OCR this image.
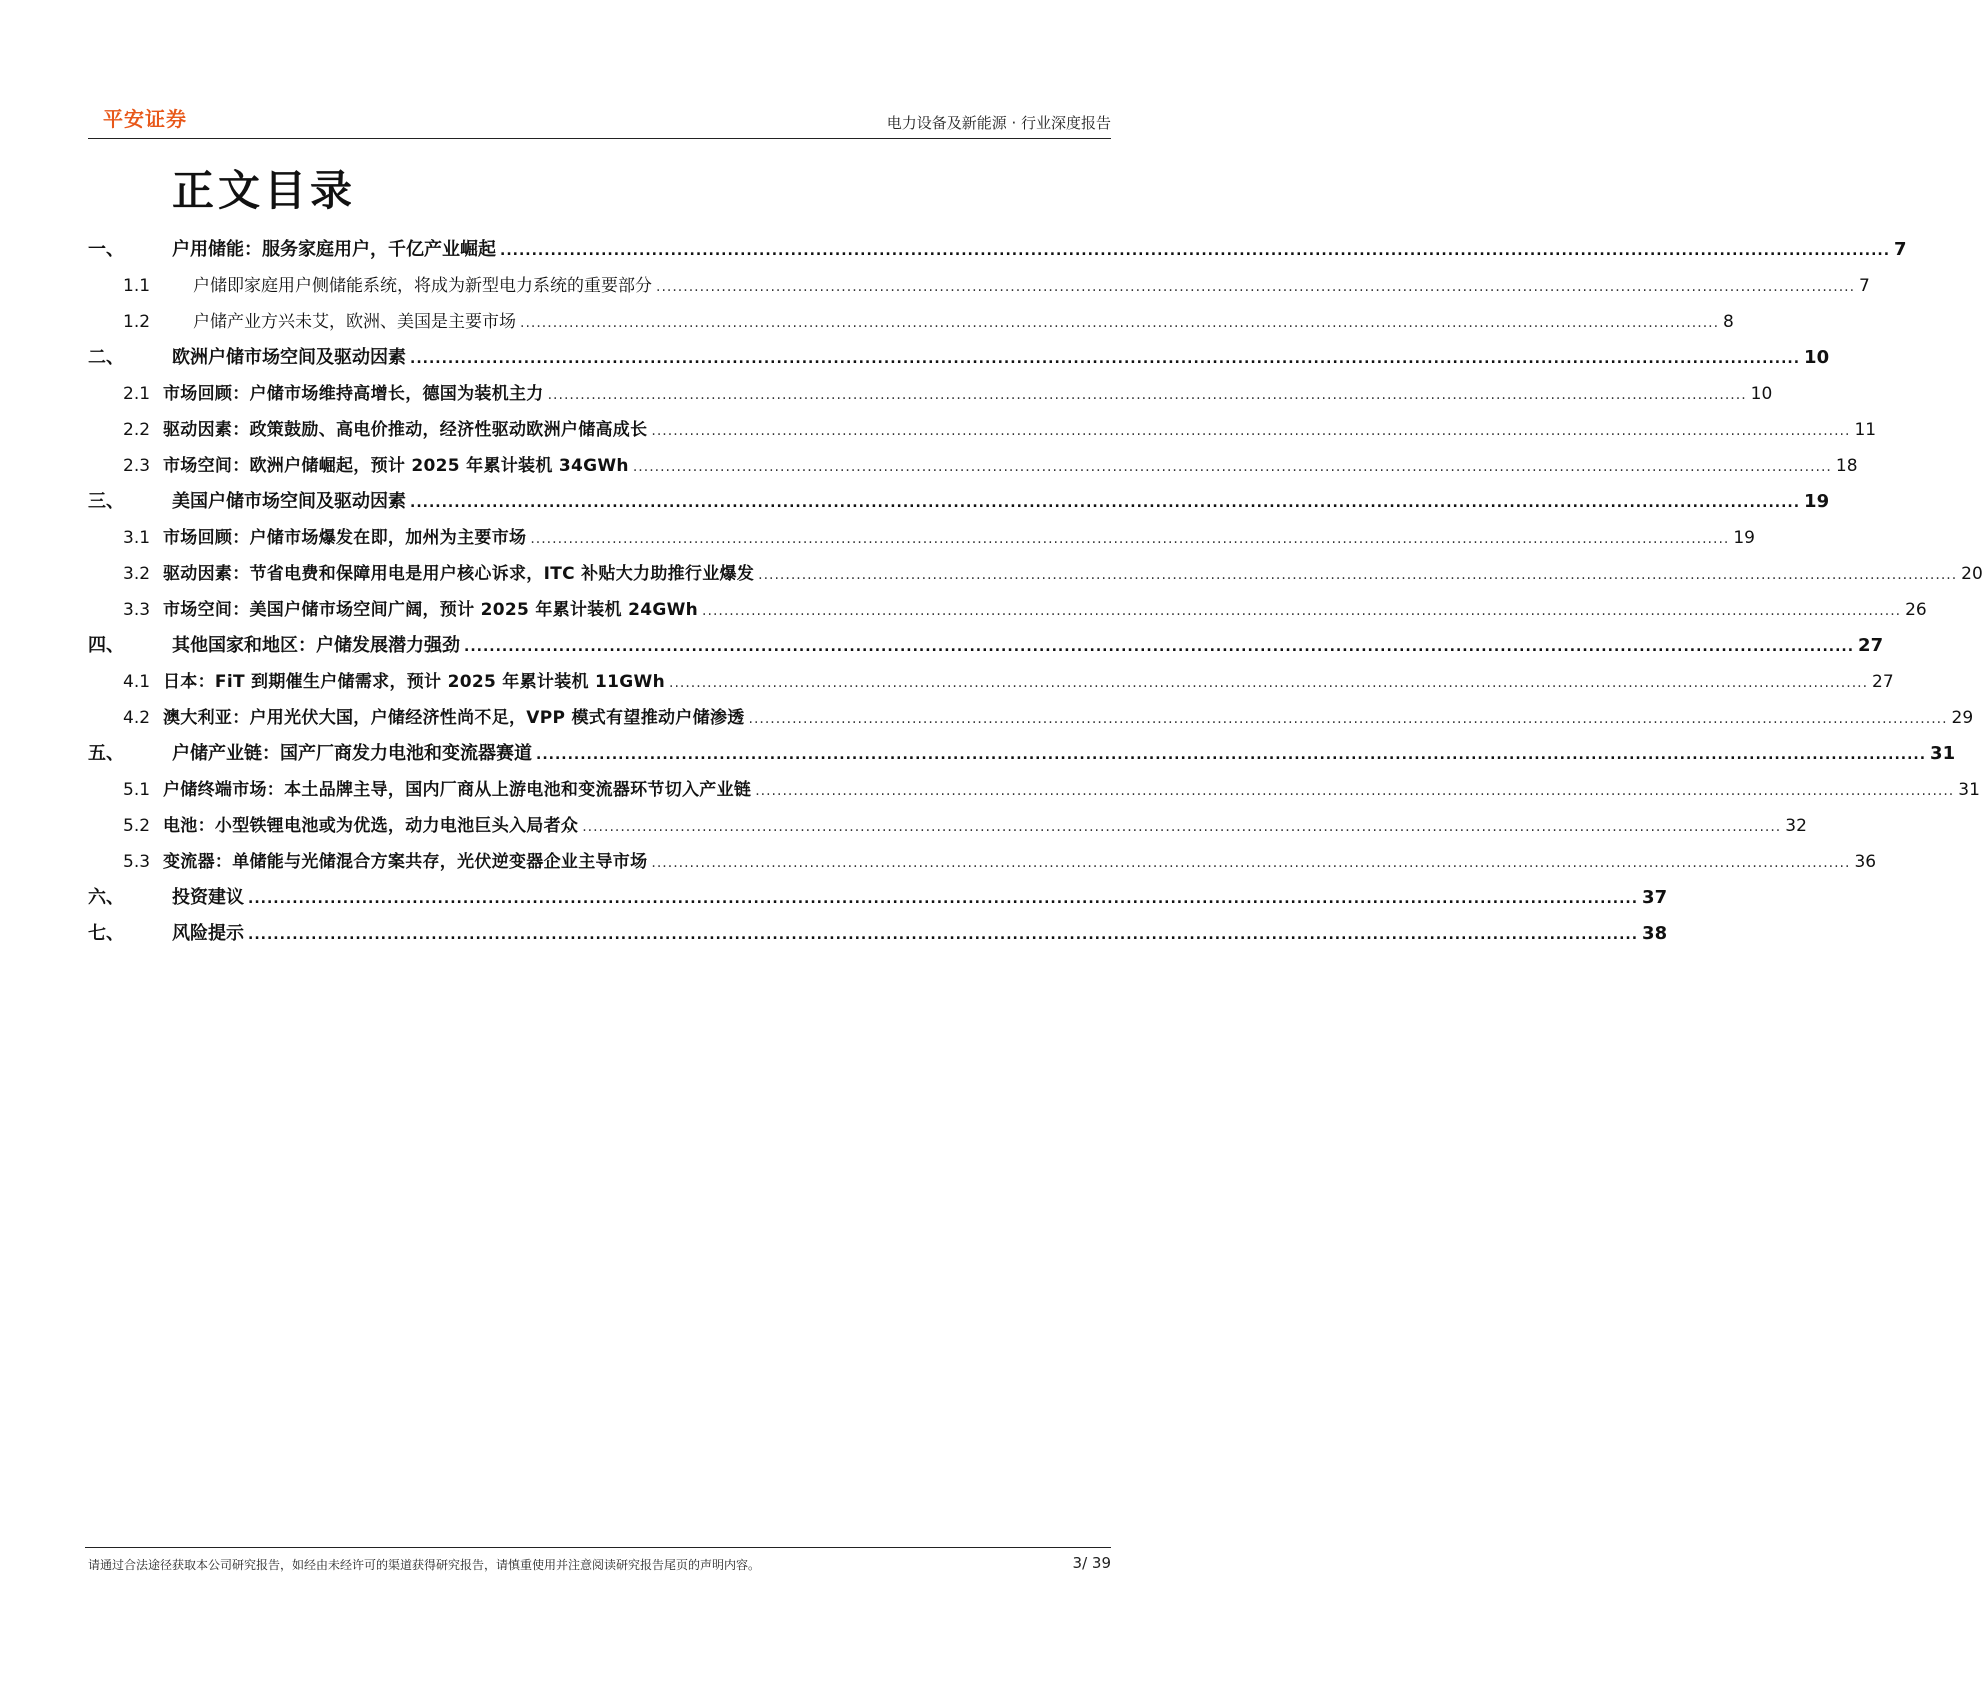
平安证券	电力设备及新能源 · 行业深度报告
正文目录
一、	户用储能：服务家庭用户，千亿产业崛起 ............................................................................................................................................................................................................................ 7
1.1	户储即家庭用户侧储能系统，将成为新型电力系统的重要部分 ............................................................................................................................................................................................................................ 7
1.2	户储产业方兴未艾，欧洲、美国是主要市场 ............................................................................................................................................................................................................................ 8
二、	欧洲户储市场空间及驱动因素 ............................................................................................................................................................................................................................ 10
2.1 市场回顾：户储市场维持高增长，德国为装机主力 ............................................................................................................................................................................................................................ 10
2.2 驱动因素：政策鼓励、高电价推动，经济性驱动欧洲户储高成长 ............................................................................................................................................................................................................................ 11
2.3 市场空间：欧洲户储崛起，预计 2025 年累计装机 34GWh ............................................................................................................................................................................................................................ 18
三、	美国户储市场空间及驱动因素 ............................................................................................................................................................................................................................ 19
3.1 市场回顾：户储市场爆发在即，加州为主要市场 ............................................................................................................................................................................................................................ 19
3.2 驱动因素：节省电费和保障用电是用户核心诉求，ITC 补贴大力助推行业爆发 ............................................................................................................................................................................................................................ 20
3.3 市场空间：美国户储市场空间广阔，预计 2025 年累计装机 24GWh ............................................................................................................................................................................................................................ 26
四、	其他国家和地区：户储发展潜力强劲 ............................................................................................................................................................................................................................ 27
4.1 日本：FiT 到期催生户储需求，预计 2025 年累计装机 11GWh ............................................................................................................................................................................................................................ 27
4.2 澳大利亚：户用光伏大国，户储经济性尚不足，VPP 模式有望推动户储渗透 ............................................................................................................................................................................................................................ 29
五、	户储产业链：国产厂商发力电池和变流器赛道 ............................................................................................................................................................................................................................ 31
5.1 户储终端市场：本土品牌主导，国内厂商从上游电池和变流器环节切入产业链 ............................................................................................................................................................................................................................ 31
5.2 电池：小型铁锂电池或为优选，动力电池巨头入局者众 ............................................................................................................................................................................................................................ 32
5.3 变流器：单储能与光储混合方案共存，光伏逆变器企业主导市场 ............................................................................................................................................................................................................................ 36
六、	投资建议 ............................................................................................................................................................................................................................ 37
七、	风险提示 ............................................................................................................................................................................................................................ 38
请通过合法途径获取本公司研究报告，如经由未经许可的渠道获得研究报告，请慎重使用并注意阅读研究报告尾页的声明内容。	3/ 39
